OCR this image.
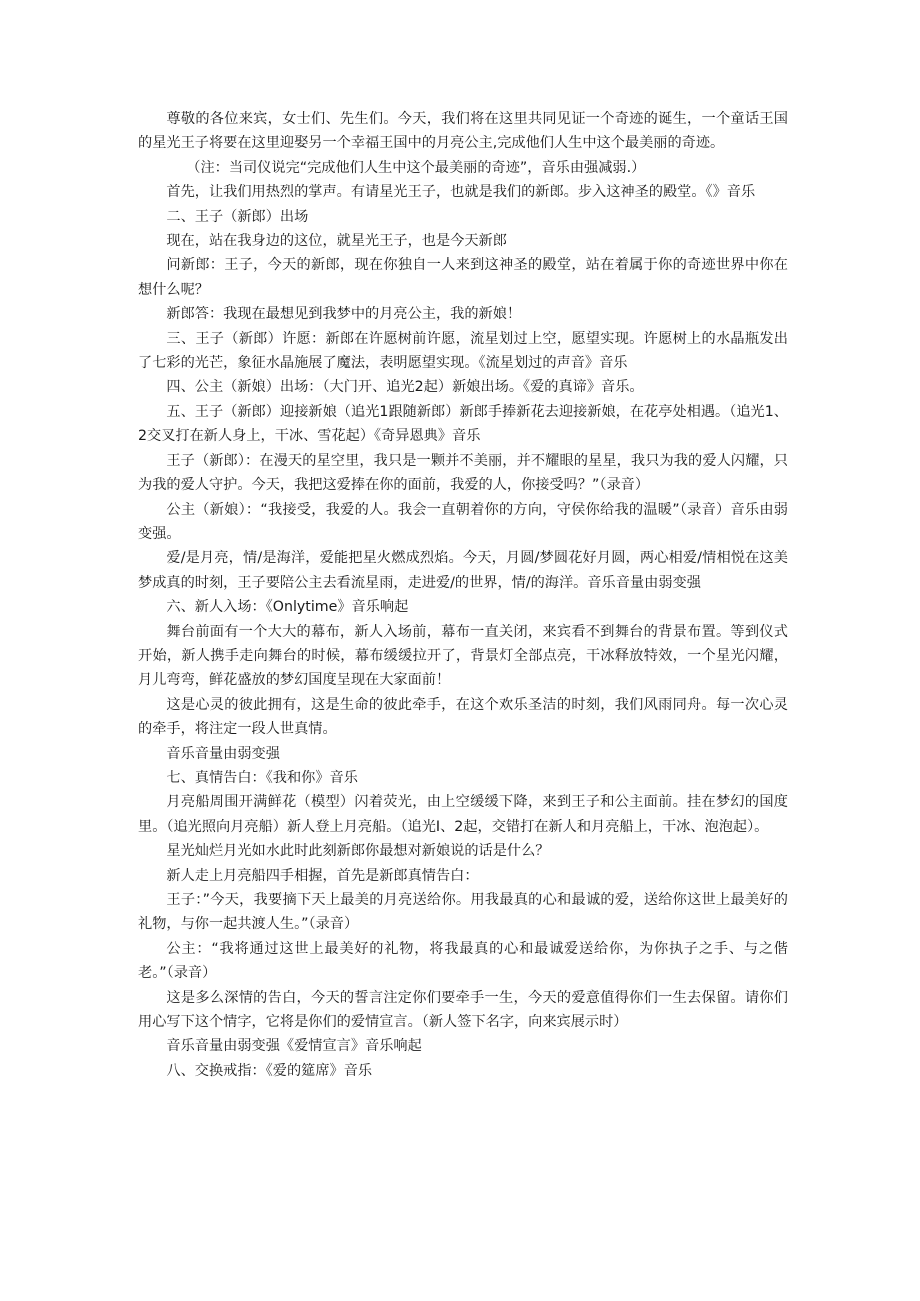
尊敬的各位来宾，女士们、先生们。今天，我们将在这里共同见证一个奇迹的诞生，一个童话王国的星光王子将要在这里迎娶另一个幸福王国中的月亮公主,完成他们人生中这个最美丽的奇迹。

（注：当司仪说完“完成他们人生中这个最美丽的奇迹”，音乐由强减弱.）

首先，让我们用热烈的掌声。有请星光王子，也就是我们的新郎。步入这神圣的殿堂。《》音乐

二、王子（新郎）出场

现在，站在我身边的这位，就星光王子，也是今天新郎

问新郎：王子，今天的新郎，现在你独自一人来到这神圣的殿堂，站在着属于你的奇迹世界中你在想什么呢？

新郎答：我现在最想见到我梦中的月亮公主，我的新娘！

三、王子（新郎）许愿：新郎在许愿树前许愿，流星划过上空，愿望实现。许愿树上的水晶瓶发出了七彩的光芒，象征水晶施展了魔法，表明愿望实现。《流星划过的声音》音乐

四、公主（新娘）出场：（大门开、追光2起）新娘出场。《爱的真谛》音乐。

五、王子（新郎）迎接新娘（追光1跟随新郎）新郎手捧新花去迎接新娘，在花亭处相遇。（追光1、2交叉打在新人身上，干冰、雪花起）《奇异恩典》音乐

王子（新郎）：在漫天的星空里，我只是一颗并不美丽，并不耀眼的星星，我只为我的爱人闪耀，只为我的爱人守护。今天，我把这爱捧在你的面前，我爱的人，你接受吗？”（录音）

公主（新娘）：“我接受，我爱的人。我会一直朝着你的方向，守侯你给我的温暖”（录音）音乐由弱变强。

爱/是月亮，情/是海洋，爱能把星火燃成烈焰。今天，月圆/梦圆花好月圆，两心相爱/情相悦在这美梦成真的时刻，王子要陪公主去看流星雨，走进爱/的世界，情/的海洋。音乐音量由弱变强

六、新人入场：《Onlytime》音乐响起

舞台前面有一个大大的幕布，新人入场前，幕布一直关闭，来宾看不到舞台的背景布置。等到仪式开始，新人携手走向舞台的时候，幕布缓缓拉开了，背景灯全部点亮，干冰释放特效，一个星光闪耀，月儿弯弯，鲜花盛放的梦幻国度呈现在大家面前！

这是心灵的彼此拥有，这是生命的彼此牵手，在这个欢乐圣洁的时刻，我们风雨同舟。每一次心灵的牵手，将注定一段人世真情。

音乐音量由弱变强

七、真情告白：《我和你》音乐

月亮船周围开满鲜花（模型）闪着荧光，由上空缓缓下降，来到王子和公主面前。挂在梦幻的国度里。（追光照向月亮船）新人登上月亮船。（追光I、2起，交错打在新人和月亮船上，干冰、泡泡起）。

星光灿烂月光如水此时此刻新郎你最想对新娘说的话是什么？

新人走上月亮船四手相握，首先是新郎真情告白：

王子：”今天，我要摘下天上最美的月亮送给你。用我最真的心和最诚的爱，送给你这世上最美好的礼物，与你一起共渡人生。”（录音）

公主：“我将通过这世上最美好的礼物，将我最真的心和最诚爱送给你，为你执子之手、与之偕老。”（录音）

这是多么深情的告白，今天的誓言注定你们要牵手一生，今天的爱意值得你们一生去保留。请你们用心写下这个情字，它将是你们的爱情宣言。（新人签下名字，向来宾展示时）

音乐音量由弱变强《爱情宣言》音乐响起

八、交换戒指：《爱的筵席》音乐
